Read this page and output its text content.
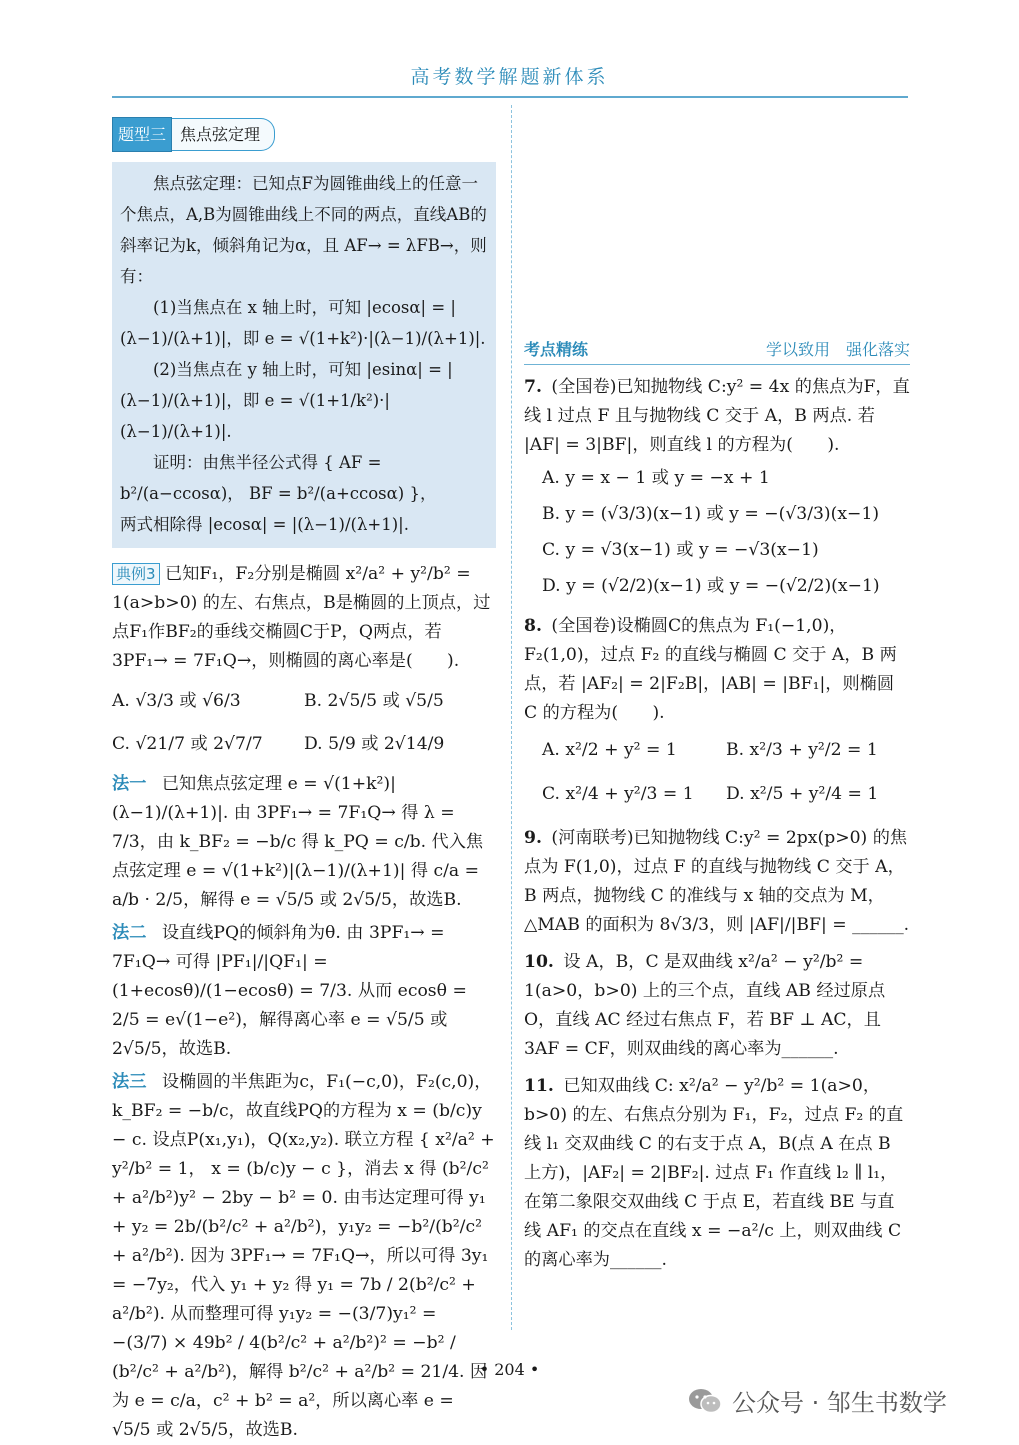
高考数学解题新体系
题型三 焦点弦定理

焦点弦定理：已知点F为圆锥曲线上的任意一个焦点，A,B为圆锥曲线上不同的两点，直线AB的斜率记为k，倾斜角记为α，且 AF→ = λFB→，则有：

(1)当焦点在 x 轴上时，可知 |ecosα| = |(λ−1)/(λ+1)|，即 e = √(1+k²)·|(λ−1)/(λ+1)|.

(2)当焦点在 y 轴上时，可知 |esinα| = |(λ−1)/(λ+1)|，即 e = √(1+1/k²)·|(λ−1)/(λ+1)|.

证明：由焦半径公式得 { AF = b²/(a−ccosα)， BF = b²/(a+ccosα) }，

两式相除得 |ecosα| = |(λ−1)/(λ+1)|.

典例3 已知F₁，F₂分别是椭圆 x²/a² + y²/b² = 1(a>b>0) 的左、右焦点，B是椭圆的上顶点，过点F₁作BF₂的垂线交椭圆C于P，Q两点，若 3PF₁→ = 7F₁Q→，则椭圆的离心率是(　　).

A. √3/3 或 √6/3	B. 2√5/5 或 √5/5
C. √21/7 或 2√7/7	D. 5/9 或 2√14/9

法一 已知焦点弦定理 e = √(1+k²)|(λ−1)/(λ+1)|. 由 3PF₁→ = 7F₁Q→ 得 λ = 7/3，由 k_BF₂ = −b/c 得 k_PQ = c/b. 代入焦点弦定理 e = √(1+k²)|(λ−1)/(λ+1)| 得 c/a = a/b · 2/5，解得 e = √5/5 或 2√5/5，故选B.

法二 设直线PQ的倾斜角为θ. 由 3PF₁→ = 7F₁Q→ 可得 |PF₁|/|QF₁| = (1+ecosθ)/(1−ecosθ) = 7/3. 从而 ecosθ = 2/5 = e√(1−e²)，解得离心率 e = √5/5 或 2√5/5，故选B.

法三 设椭圆的半焦距为c，F₁(−c,0)，F₂(c,0)，k_BF₂ = −b/c，故直线PQ的方程为 x = (b/c)y − c. 设点P(x₁,y₁)，Q(x₂,y₂). 联立方程 { x²/a² + y²/b² = 1， x = (b/c)y − c }，消去 x 得 (b²/c² + a²/b²)y² − 2by − b² = 0. 由韦达定理可得 y₁ + y₂ = 2b/(b²/c² + a²/b²)，y₁y₂ = −b²/(b²/c² + a²/b²). 因为 3PF₁→ = 7F₁Q→，所以可得 3y₁ = −7y₂，代入 y₁ + y₂ 得 y₁ = 7b / 2(b²/c² + a²/b²). 从而整理可得 y₁y₂ = −(3/7)y₁² = −(3/7) × 49b² / 4(b²/c² + a²/b²)² = −b² / (b²/c² + a²/b²)，解得 b²/c² + a²/b² = 21/4. 因为 e = c/a，c² + b² = a²，所以离心率 e = √5/5 或 2√5/5，故选B.

考点精练	学以致用　强化落实

7. (全国卷)已知抛物线 C:y² = 4x 的焦点为F，直线 l 过点 F 且与抛物线 C 交于 A，B 两点. 若 |AF| = 3|BF|，则直线 l 的方程为(　　).

A. y = x − 1 或 y = −x + 1
B. y = (√3/3)(x−1) 或 y = −(√3/3)(x−1)
C. y = √3(x−1) 或 y = −√3(x−1)
D. y = (√2/2)(x−1) 或 y = −(√2/2)(x−1)

8. (全国卷)设椭圆C的焦点为 F₁(−1,0)，F₂(1,0)，过点 F₂ 的直线与椭圆 C 交于 A，B 两点，若 |AF₂| = 2|F₂B|，|AB| = |BF₁|，则椭圆 C 的方程为(　　).

A. x²/2 + y² = 1	B. x²/3 + y²/2 = 1
C. x²/4 + y²/3 = 1	D. x²/5 + y²/4 = 1

9. (河南联考)已知抛物线 C:y² = 2px(p>0) 的焦点为 F(1,0)，过点 F 的直线与抛物线 C 交于 A，B 两点，抛物线 C 的准线与 x 轴的交点为 M，△MAB 的面积为 8√3/3，则 |AF|/|BF| = ______.

10. 设 A，B，C 是双曲线 x²/a² − y²/b² = 1(a>0，b>0) 上的三个点，直线 AB 经过原点 O，直线 AC 经过右焦点 F，若 BF ⊥ AC，且 3AF = CF，则双曲线的离心率为______.

11. 已知双曲线 C: x²/a² − y²/b² = 1(a>0，b>0) 的左、右焦点分别为 F₁，F₂，过点 F₂ 的直线 l₁ 交双曲线 C 的右支于点 A，B(点 A 在点 B 上方)，|AF₂| = 2|BF₂|. 过点 F₁ 作直线 l₂ ∥ l₁，在第二象限交双曲线 C 于点 E，若直线 BE 与直线 AF₁ 的交点在直线 x = −a²/c 上，则双曲线 C 的离心率为______.

• 204 •
公众号 · 邹生书数学
